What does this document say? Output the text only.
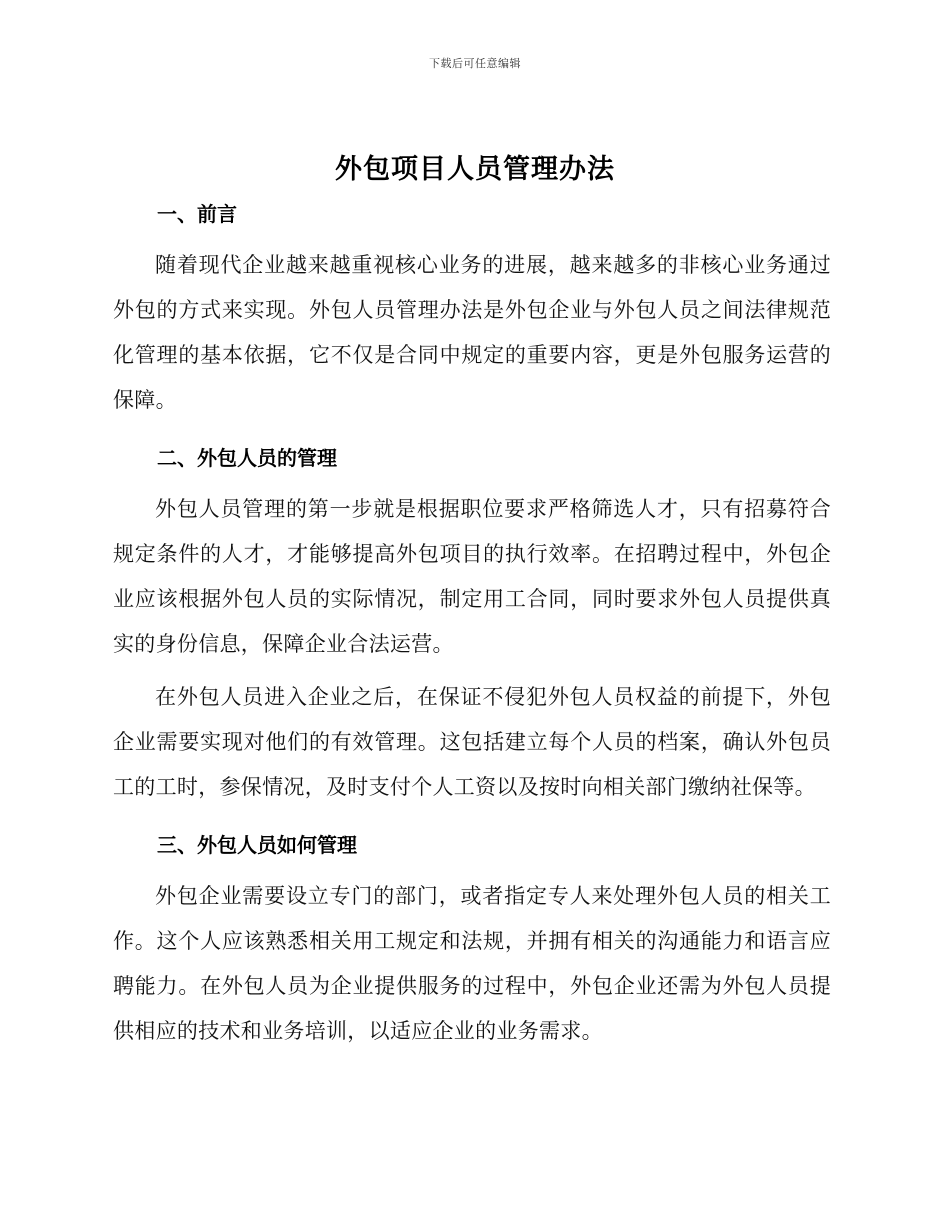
下载后可任意编辑
外包项目人员管理办法
一、前言

随着现代企业越来越重视核心业务的进展，越来越多的非核心业务通过外包的方式来实现。外包人员管理办法是外包企业与外包人员之间法律规范化管理的基本依据，它不仅是合同中规定的重要内容，更是外包服务运营的保障。

二、外包人员的管理

外包人员管理的第一步就是根据职位要求严格筛选人才，只有招募符合规定条件的人才，才能够提高外包项目的执行效率。在招聘过程中，外包企业应该根据外包人员的实际情况，制定用工合同，同时要求外包人员提供真实的身份信息，保障企业合法运营。

在外包人员进入企业之后，在保证不侵犯外包人员权益的前提下，外包企业需要实现对他们的有效管理。这包括建立每个人员的档案，确认外包员工的工时，参保情况，及时支付个人工资以及按时向相关部门缴纳社保等。

三、外包人员如何管理

外包企业需要设立专门的部门，或者指定专人来处理外包人员的相关工作。这个人应该熟悉相关用工规定和法规，并拥有相关的沟通能力和语言应聘能力。在外包人员为企业提供服务的过程中，外包企业还需为外包人员提供相应的技术和业务培训，以适应企业的业务需求。
